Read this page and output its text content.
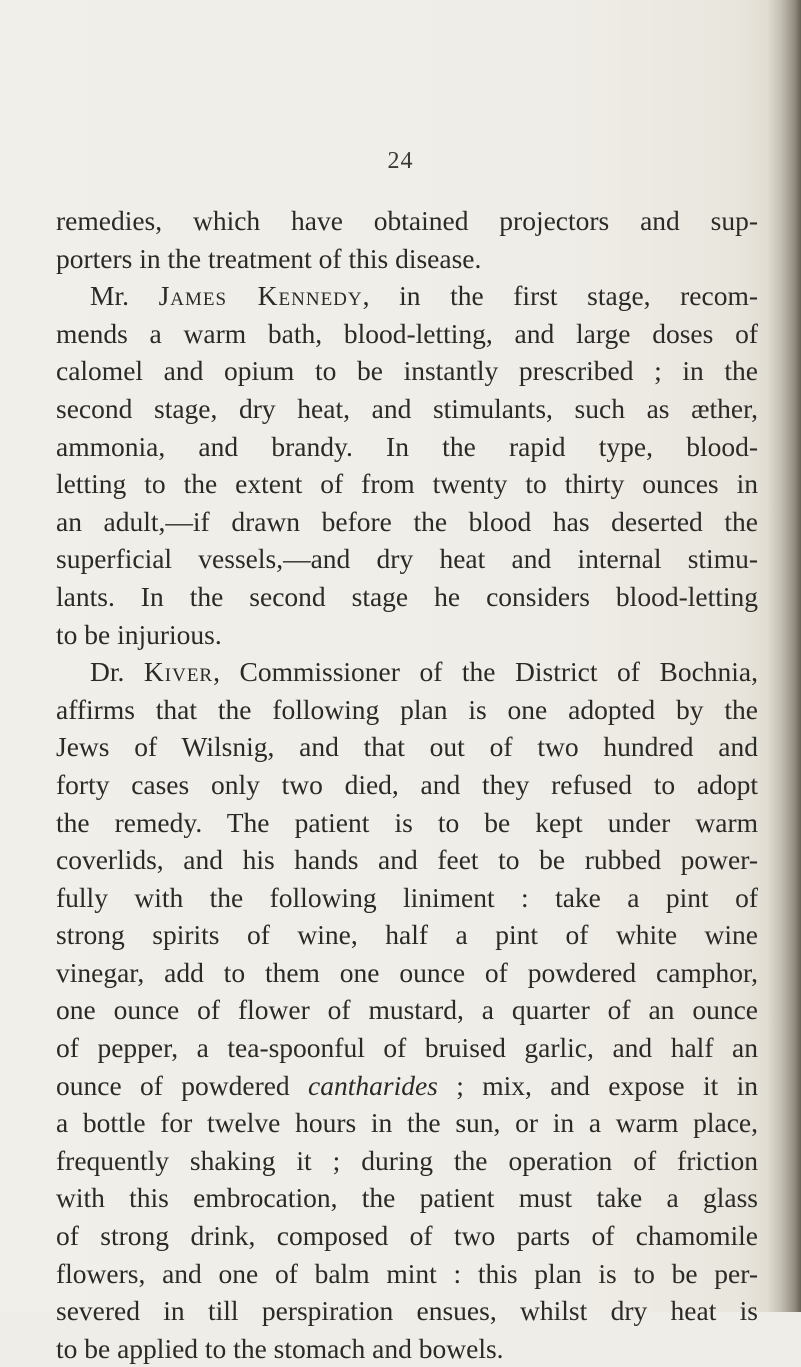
24
remedies, which have obtained projectors and sup-
porters in the treatment of this disease.
Mr. James Kennedy, in the first stage, recom-
mends a warm bath, blood-letting, and large doses of
calomel and opium to be instantly prescribed ; in the
second stage, dry heat, and stimulants, such as æther,
ammonia, and brandy. In the rapid type, blood-
letting to the extent of from twenty to thirty ounces in
an adult,—if drawn before the blood has deserted the
superficial vessels,—and dry heat and internal stimu-
lants. In the second stage he considers blood-letting
to be injurious.
Dr. Kiver, Commissioner of the District of Bochnia,
affirms that the following plan is one adopted by the
Jews of Wilsnig, and that out of two hundred and
forty cases only two died, and they refused to adopt
the remedy. The patient is to be kept under warm
coverlids, and his hands and feet to be rubbed power-
fully with the following liniment : take a pint of
strong spirits of wine, half a pint of white wine
vinegar, add to them one ounce of powdered camphor,
one ounce of flower of mustard, a quarter of an ounce
of pepper, a tea-spoonful of bruised garlic, and half an
ounce of powdered cantharides ; mix, and expose it in
a bottle for twelve hours in the sun, or in a warm place,
frequently shaking it ; during the operation of friction
with this embrocation, the patient must take a glass
of strong drink, composed of two parts of chamomile
flowers, and one of balm mint : this plan is to be per-
severed in till perspiration ensues, whilst dry heat is
to be applied to the stomach and bowels.
